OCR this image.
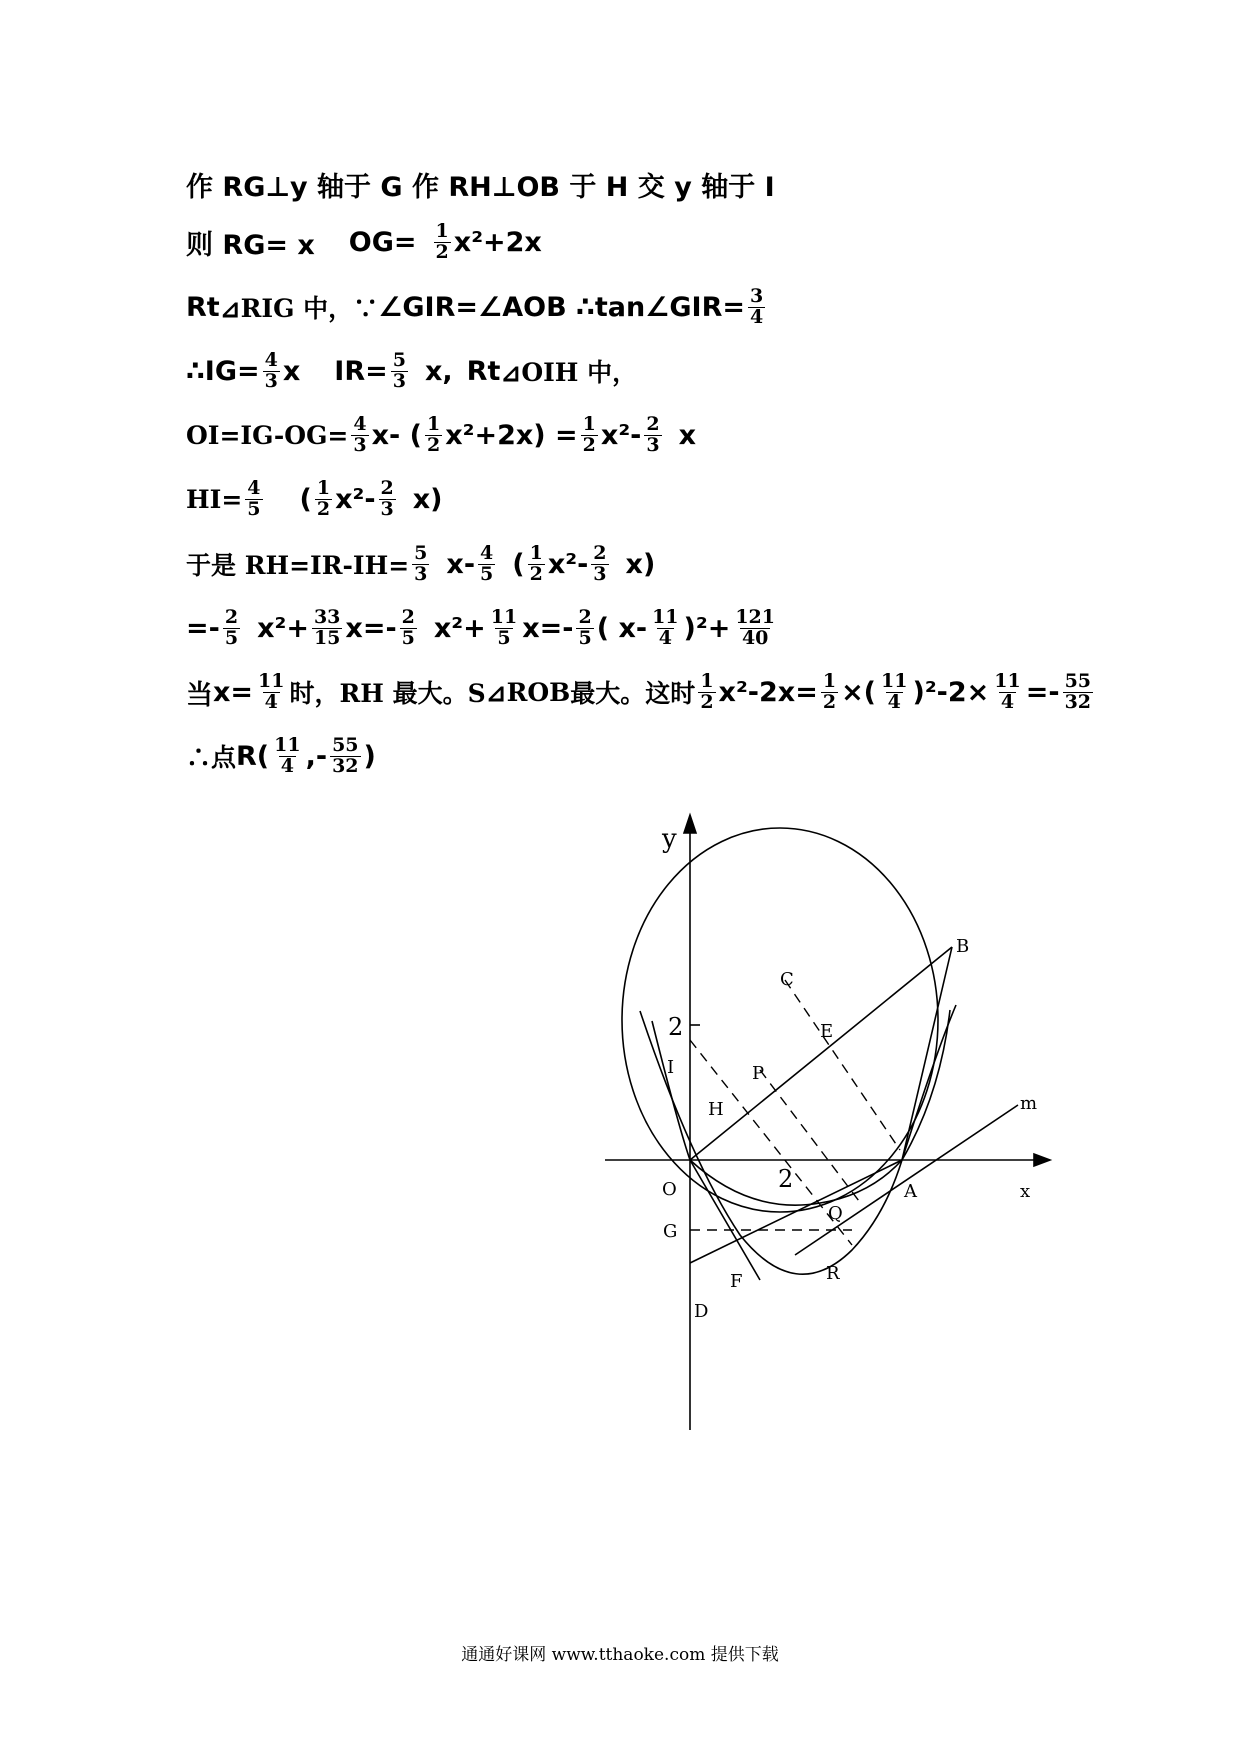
作 RG⊥y 轴于 G 作 RH⊥OB 于 H 交 y 轴于 I
则 RG= x $OG= \frac{1}{2} x^2+2x$
Rt ⊿RIG 中，∵ ∠GIR=∠AOB ∴tan∠GIR= $\frac{3}{4}$
∴IG= $\frac{4}{3}$ x $IR= \frac{5}{3} x$, Rt ⊿OIH 中，
$OI=IG-OG= \frac{4}{3} x-$ ( $\frac{1}{2} x^2+2x) = \frac{1}{2} x^2- \frac{2}{3}$ x
$HI= \frac{4}{5}$ ( $\frac{1}{2} x^2- \frac{2}{3} x$)
于是 $RH=IR-IH= \frac{5}{3} x- \frac{4}{5}$ ( $\frac{1}{2} x^2- \frac{2}{3} x$)
=- $\frac{2}{5} x^2+ \frac{33}{15} x=- \frac{2}{5} x^2+ \frac{11}{5} x=- \frac{2}{5}$ ( $x- \frac{11}{4} )^2+ \frac{121}{40}$
当 $x= \frac{11}{4}$ 时，RH 最大。S ⊿ROB 最大。这时 $\frac{1}{2} x^2-2x= \frac{1}{2}$ ×( $\frac{11}{4} )^2-2\times \frac{11}{4} =- \frac{55}{32}$
∴点 $R( \frac{11}{4}$ ,- $\frac{55}{32}$ )
y
x
m
B
C
E
P
H
I
2
2
O	A
Q
G
F	R
D
通通好课网 www.tthaoke.com 提供下载
